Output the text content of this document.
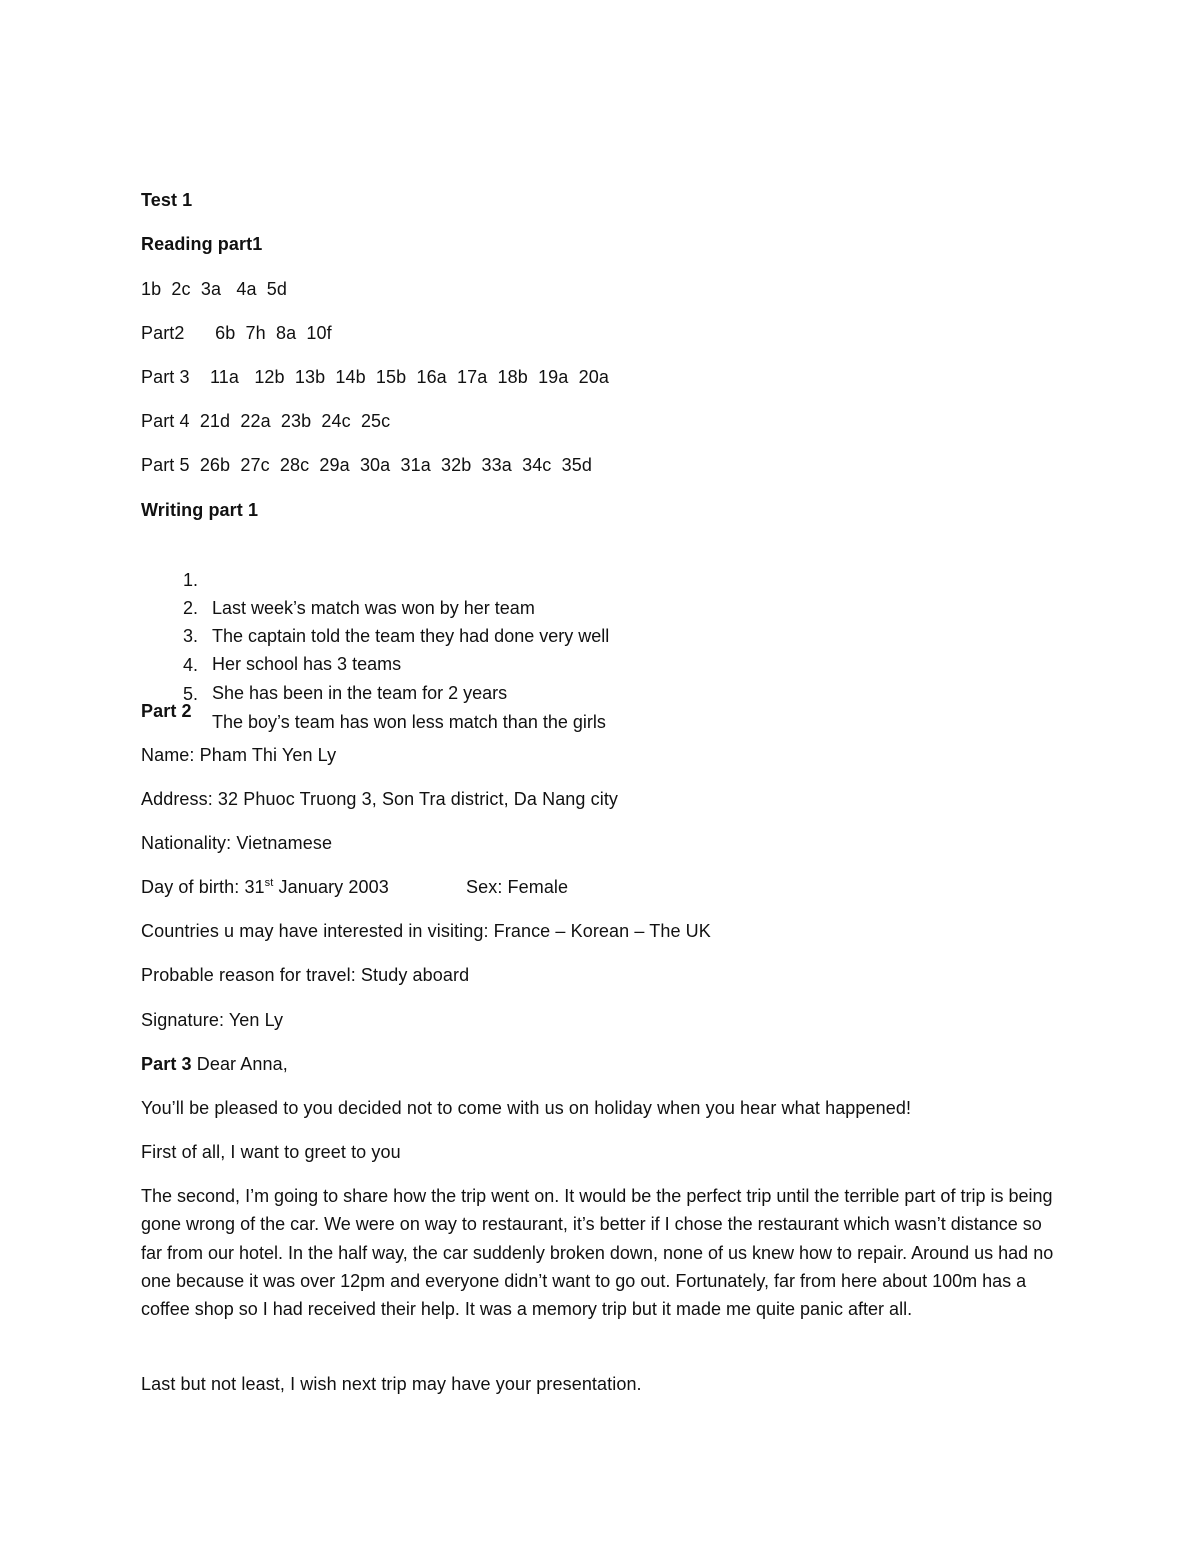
Test 1
Reading part1
1b  2c  3a   4a  5d
Part2      6b  7h  8a  10f
Part 3    11a   12b  13b  14b  15b  16a  17a  18b  19a  20a
Part 4  21d  22a  23b  24c  25c
Part 5  26b  27c  28c  29a  30a  31a  32b  33a  34c  35d
Writing part 1

1.

Last week’s match was won by her team

2.

The captain told the team they had done very well

3.

Her school has 3 teams

4.

She has been in the team for 2 years

5.

The boy’s team has won less match than the girls

Part 2
Name: Pham Thi Yen Ly
Address: 32 Phuoc Truong 3, Son Tra district, Da Nang city
Nationality: Vietnamese
Day of birth: 31st January 2003	Sex: Female
Countries u may have interested in visiting: France – Korean – The UK
Probable reason for travel: Study aboard
Signature: Yen Ly
Part 3 Dear Anna,
You’ll be pleased to you decided not to come with us on holiday when you hear what happened!
First of all, I want to greet to you
The second, I’m going to share how the trip went on. It would be the perfect trip until the terrible part of trip is being gone wrong of the car. We were on way to restaurant, it’s better if I chose the restaurant which wasn’t distance so far from our hotel. In the half way, the car suddenly broken down, none of us knew how to repair. Around us had no one because it was over 12pm and everyone didn’t want to go out. Fortunately, far from here about 100m has a coffee shop so I had received their help. It was a memory trip but it made me quite panic after all.
Last but not least, I wish next trip may have your presentation.
